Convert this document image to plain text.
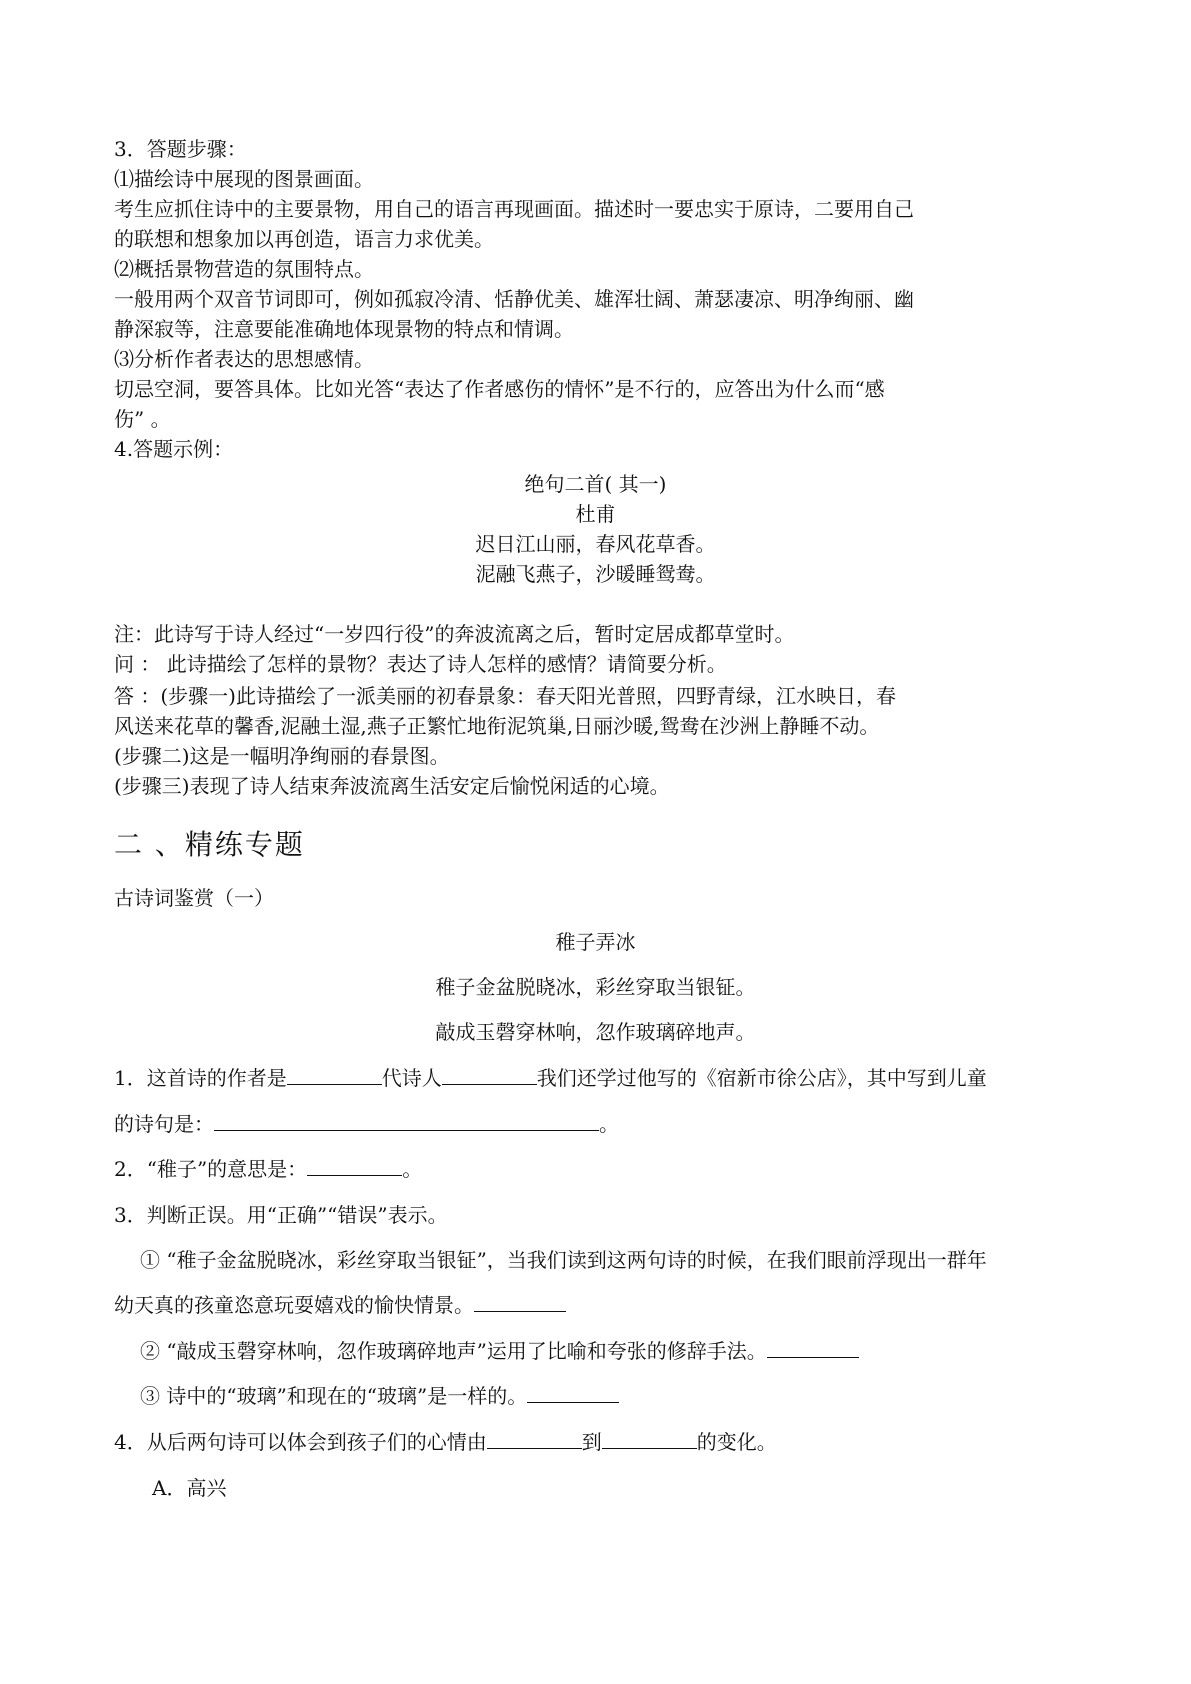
3．答题步骤：
⑴描绘诗中展现的图景画面。
考生应抓住诗中的主要景物，用自己的语言再现画面。描述时一要忠实于原诗，二要用自己
的联想和想象加以再创造，语言力求优美。
⑵概括景物营造的氛围特点。
一般用两个双音节词即可，例如孤寂冷清、恬静优美、雄浑壮阔、萧瑟凄凉、明净绚丽、幽
静深寂等，注意要能准确地体现景物的特点和情调。
⑶分析作者表达的思想感情。
切忌空洞，要答具体。比如光答“表达了作者感伤的情怀”是不行的，应答出为什么而“感
伤” 。
4.答题示例：
绝句二首( 其一)
杜甫
迟日江山丽，春风花草香。
泥融飞燕子，沙暖睡鸳鸯。
注：此诗写于诗人经过“一岁四行役”的奔波流离之后，暂时定居成都草堂时。
问 ： 此诗描绘了怎样的景物？表达了诗人怎样的感情？请简要分析。
答 ：(步骤一)此诗描绘了一派美丽的初春景象：春天阳光普照，四野青绿，江水映日，春
风送来花草的馨香,泥融土湿,燕子正繁忙地衔泥筑巢,日丽沙暖,鸳鸯在沙洲上静睡不动。
(步骤二)这是一幅明净绚丽的春景图。
(步骤三)表现了诗人结束奔波流离生活安定后愉悦闲适的心境。
二 、精练专题
古诗词鉴赏（一）
稚子弄冰
稚子金盆脱晓冰，彩丝穿取当银钲。
敲成玉磬穿林响，忽作玻璃碎地声。
1．这首诗的作者是	代诗人	我们还学过他写的《宿新市徐公店》，其中写到儿童
的诗句是：	。
2．“稚子”的意思是：	。
3．判断正误。用“正确”“错误”表示。
① “稚子金盆脱晓冰，彩丝穿取当银钲”，当我们读到这两句诗的时候，在我们眼前浮现出一群年
幼天真的孩童恣意玩耍嬉戏的愉快情景。
② “敲成玉磬穿林响，忽作玻璃碎地声”运用了比喻和夸张的修辞手法。
③ 诗中的“玻璃”和现在的“玻璃”是一样的。
4．从后两句诗可以体会到孩子们的心情由	到	的变化。
A．高兴
